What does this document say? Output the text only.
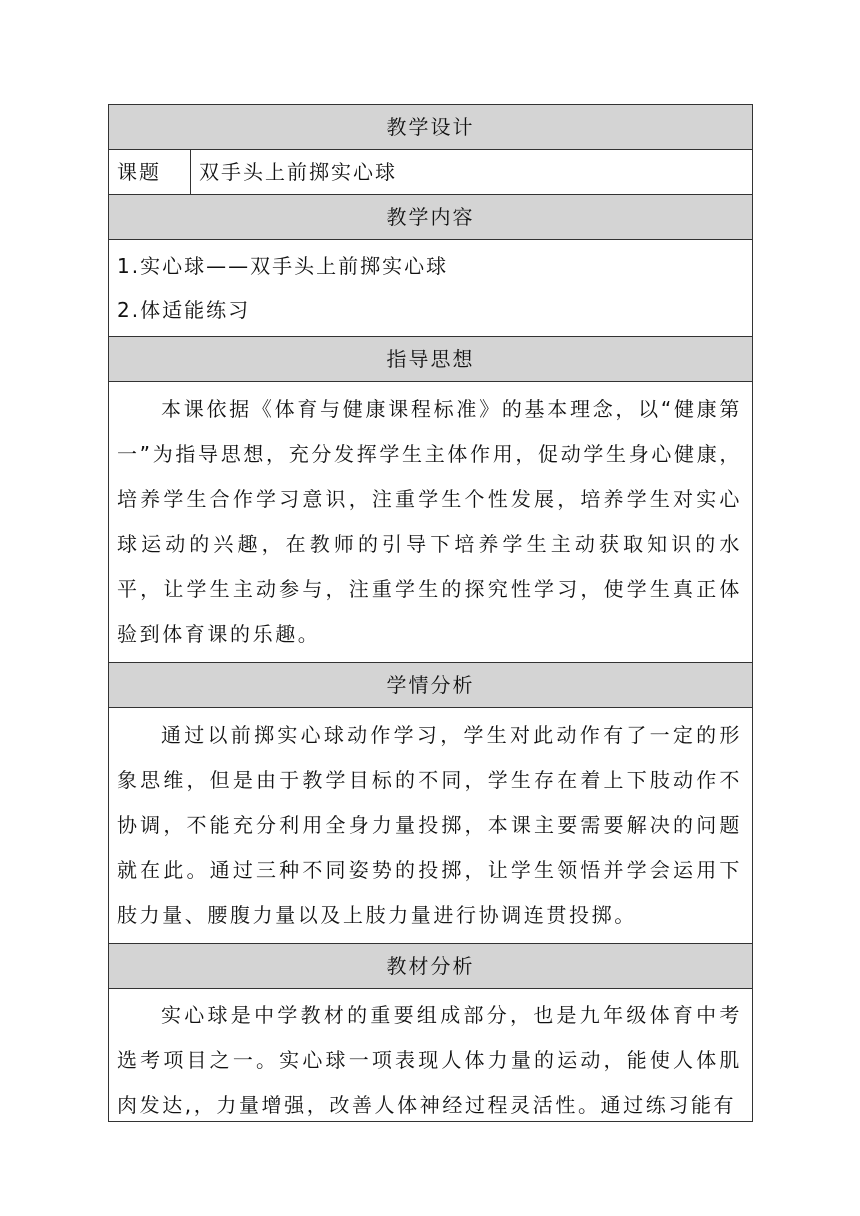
教学设计
课题	双手头上前掷实心球
教学内容
1.实心球——双手头上前掷实心球
2.体适能练习
指导思想
本课依据《体育与健康课程标准》的基本理念，以“健康第一”为指导思想，充分发挥学生主体作用，促动学生身心健康，培养学生合作学习意识，注重学生个性发展，培养学生对实心球运动的兴趣，在教师的引导下培养学生主动获取知识的水平，让学生主动参与，注重学生的探究性学习，使学生真正体验到体育课的乐趣。
学情分析
通过以前掷实心球动作学习，学生对此动作有了一定的形象思维，但是由于教学目标的不同，学生存在着上下肢动作不协调，不能充分利用全身力量投掷，本课主要需要解决的问题就在此。通过三种不同姿势的投掷，让学生领悟并学会运用下肢力量、腰腹力量以及上肢力量进行协调连贯投掷。
教材分析
实心球是中学教材的重要组成部分，也是九年级体育中考选考项目之一。实心球一项表现人体力量的运动，能使人体肌肉发达,，力量增强，改善人体神经过程灵活性。通过练习能有
